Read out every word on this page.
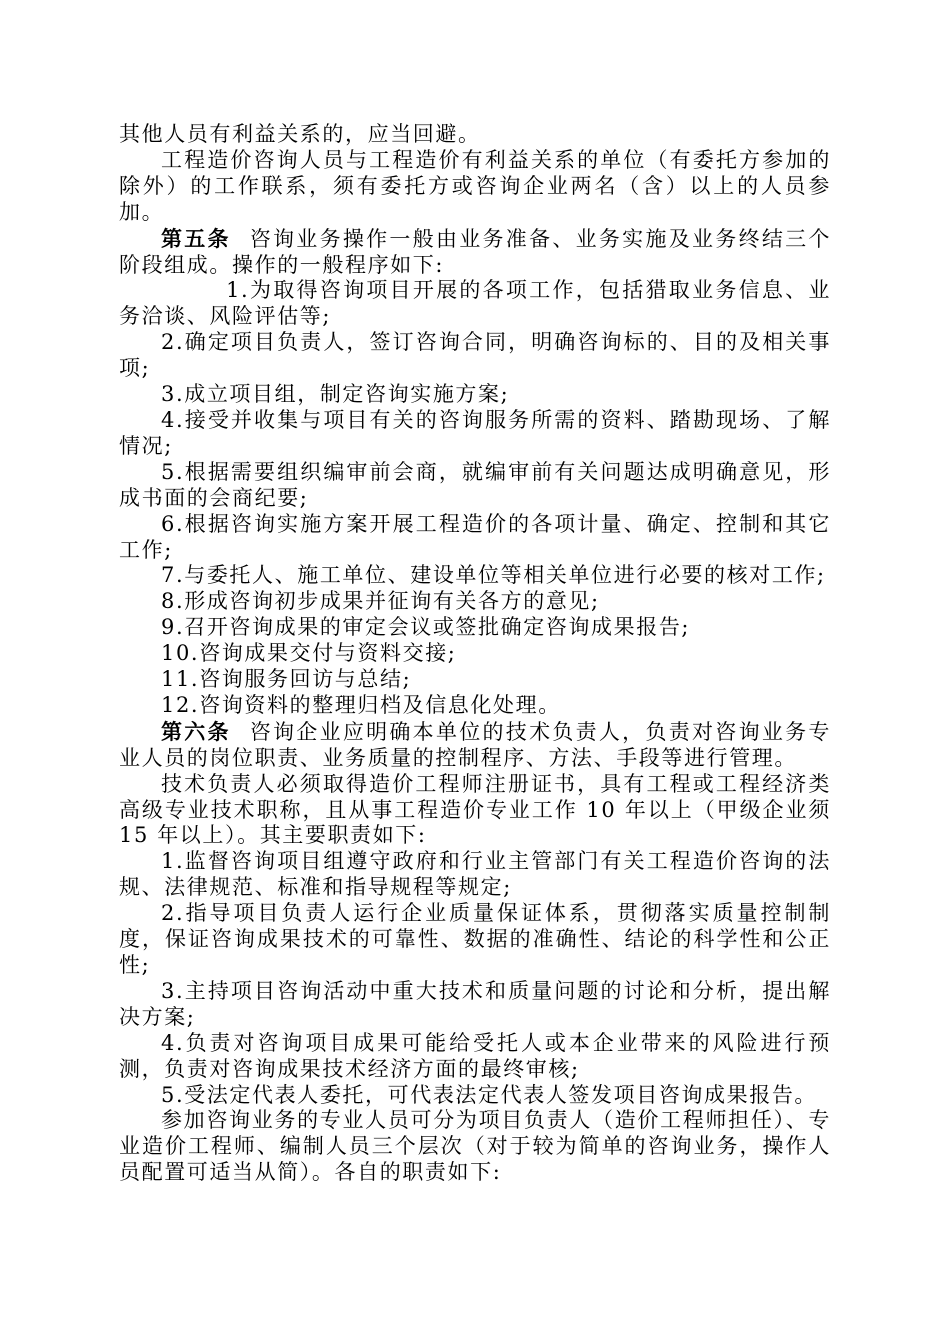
其他人员有利益关系的，应当回避。

工程造价咨询人员与工程造价有利益关系的单位（有委托方参加的除外）的工作联系，须有委托方或咨询企业两名（含）以上的人员参加。

第五条 咨询业务操作一般由业务准备、业务实施及业务终结三个阶段组成。操作的一般程序如下:

1.为取得咨询项目开展的各项工作，包括猎取业务信息、业务洽谈、风险评估等;

2.确定项目负责人，签订咨询合同，明确咨询标的、目的及相关事项;

3.成立项目组，制定咨询实施方案;

4.接受并收集与项目有关的咨询服务所需的资料、踏勘现场、了解情况;

5.根据需要组织编审前会商，就编审前有关问题达成明确意见，形成书面的会商纪要;

6.根据咨询实施方案开展工程造价的各项计量、确定、控制和其它工作;

7.与委托人、施工单位、建设单位等相关单位进行必要的核对工作;

8.形成咨询初步成果并征询有关各方的意见;

9.召开咨询成果的审定会议或签批确定咨询成果报告;

10.咨询成果交付与资料交接;

11.咨询服务回访与总结;

12.咨询资料的整理归档及信息化处理。

第六条 咨询企业应明确本单位的技术负责人，负责对咨询业务专业人员的岗位职责、业务质量的控制程序、方法、手段等进行管理。

技术负责人必须取得造价工程师注册证书，具有工程或工程经济类高级专业技术职称，且从事工程造价专业工作 10 年以上（甲级企业须 15 年以上）。其主要职责如下:

1.监督咨询项目组遵守政府和行业主管部门有关工程造价咨询的法规、法律规范、标准和指导规程等规定;

2.指导项目负责人运行企业质量保证体系，贯彻落实质量控制制度，保证咨询成果技术的可靠性、数据的准确性、结论的科学性和公正性;

3.主持项目咨询活动中重大技术和质量问题的讨论和分析，提出解决方案;

4.负责对咨询项目成果可能给受托人或本企业带来的风险进行预测，负责对咨询成果技术经济方面的最终审核;

5.受法定代表人委托，可代表法定代表人签发项目咨询成果报告。

参加咨询业务的专业人员可分为项目负责人（造价工程师担任）、专业造价工程师、编制人员三个层次（对于较为简单的咨询业务，操作人员配置可适当从简）。各自的职责如下:
